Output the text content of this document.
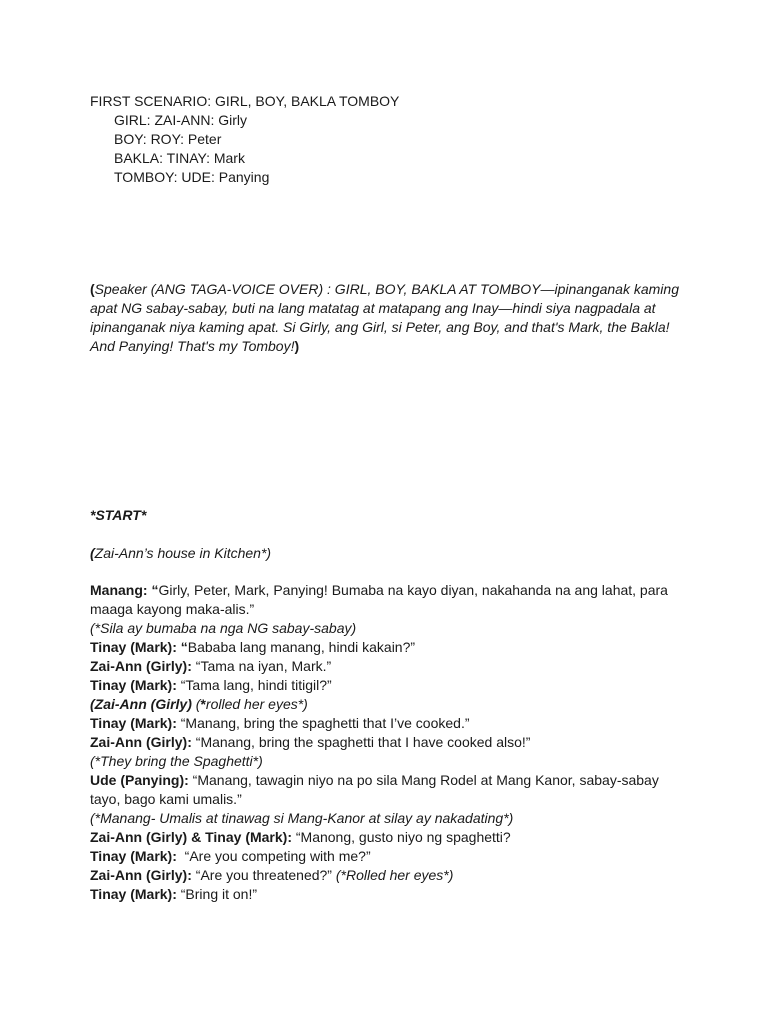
FIRST SCENARIO: GIRL, BOY, BAKLA TOMBOY
GIRL: ZAI-ANN: Girly
BOY: ROY: Peter
BAKLA: TINAY: Mark
TOMBOY: UDE: Panying
(Speaker (ANG TAGA-VOICE OVER) : GIRL, BOY, BAKLA AT TOMBOY—ipinanganak kaming apat NG sabay-sabay, buti na lang matatag at matapang ang Inay—hindi siya nagpadala at ipinanganak niya kaming apat. Si Girly, ang Girl, si Peter, ang Boy, and that's Mark, the Bakla! And Panying! That's my Tomboy!)
*START*
(Zai-Ann’s house in Kitchen*)
Manang: “Girly, Peter, Mark, Panying! Bumaba na kayo diyan, nakahanda na ang lahat, para maaga kayong maka-alis.”
(*Sila ay bumaba na nga NG sabay-sabay)
Tinay (Mark): “Bababa lang manang, hindi kakain?”
Zai-Ann (Girly): “Tama na iyan, Mark.”
Tinay (Mark): “Tama lang, hindi titigil?”
(Zai-Ann (Girly) (*rolled her eyes*)
Tinay (Mark): “Manang, bring the spaghetti that I’ve cooked.”
Zai-Ann (Girly): “Manang, bring the spaghetti that I have cooked also!”
(*They bring the Spaghetti*)
Ude (Panying): “Manang, tawagin niyo na po sila Mang Rodel at Mang Kanor, sabay-sabay tayo, bago kami umalis.”
(*Manang- Umalis at tinawag si Mang-Kanor at silay ay nakadating*)
Zai-Ann (Girly) & Tinay (Mark): “Manong, gusto niyo ng spaghetti?
Tinay (Mark):  “Are you competing with me?”
Zai-Ann (Girly): “Are you threatened?” (*Rolled her eyes*)
Tinay (Mark): “Bring it on!”
